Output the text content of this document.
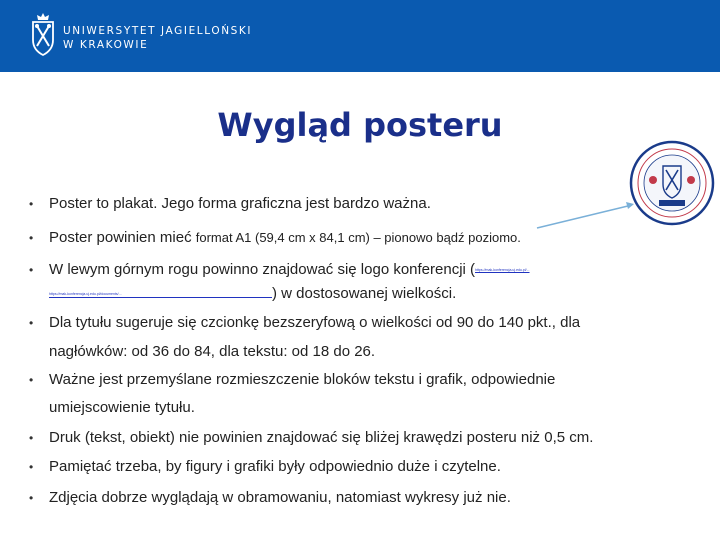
UNIWERSYTET JAGIELLOŃSKI
W KRAKOWIE
Wygląd posteru
• Poster to plakat. Jego forma graficzna jest bardzo ważna.
• Poster powinien mieć format A1 (59,4 cm x 84,1 cm) – pionowo bądź poziomo.
• W lewym górnym rogu powinno znajdować się logo konferencji (https://mak-konferencja.uj.edu.pl/...
https://mak-konferencja.uj.edu.pl/documents/...	) w dostosowanej wielkości.
• Dla tytułu sugeruje się czcionkę bezszeryfową o wielkości od 90 do 140 pkt., dla
nagłówków: od 36 do 84, dla tekstu: od 18 do 26.
• Ważne jest przemyślane rozmieszczenie bloków tekstu i grafik, odpowiednie
umiejscowienie tytułu.
• Druk (tekst, obiekt) nie powinien znajdować się bliżej krawędzi posteru niż 0,5 cm.
• Pamiętać trzeba, by figury i grafiki były odpowiednio duże i czytelne.
• Zdjęcia dobrze wyglądają w obramowaniu, natomiast wykresy już nie.
